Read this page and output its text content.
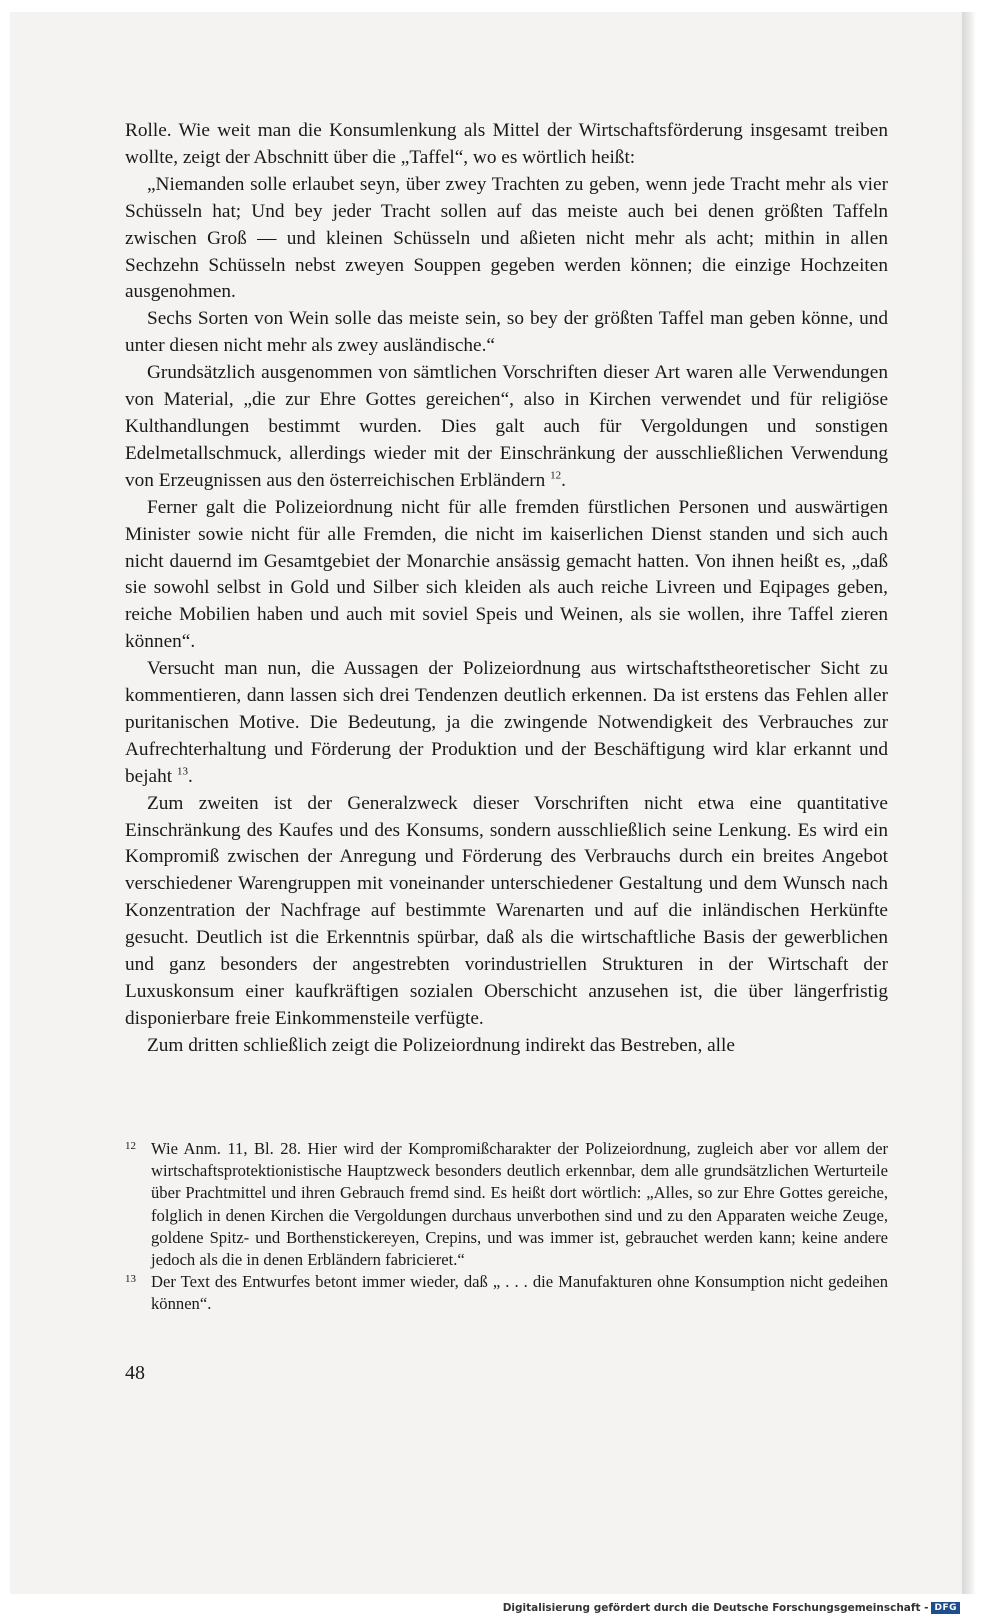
Rolle. Wie weit man die Konsumlenkung als Mittel der Wirtschaftsförderung insgesamt treiben wollte, zeigt der Abschnitt über die „Taffel“, wo es wörtlich heißt:

„Niemanden solle erlaubet seyn, über zwey Trachten zu geben, wenn jede Tracht mehr als vier Schüsseln hat; Und bey jeder Tracht sollen auf das meiste auch bei denen größten Taffeln zwischen Groß — und kleinen Schüsseln und aßieten nicht mehr als acht; mithin in allen Sechzehn Schüsseln nebst zweyen Souppen gegeben werden können; die einzige Hochzeiten ausgenohmen.

Sechs Sorten von Wein solle das meiste sein, so bey der größten Taffel man geben könne, und unter diesen nicht mehr als zwey ausländische.“

Grundsätzlich ausgenommen von sämtlichen Vorschriften dieser Art waren alle Verwendungen von Material, „die zur Ehre Gottes gereichen“, also in Kirchen verwendet und für religiöse Kulthandlungen bestimmt wurden. Dies galt auch für Vergoldungen und sonstigen Edelmetallschmuck, allerdings wieder mit der Einschränkung der ausschließlichen Verwendung von Erzeugnissen aus den österreichischen Erbländern $^{12}$.

Ferner galt die Polizeiordnung nicht für alle fremden fürstlichen Personen und auswärtigen Minister sowie nicht für alle Fremden, die nicht im kaiserlichen Dienst standen und sich auch nicht dauernd im Gesamtgebiet der Monarchie ansässig gemacht hatten. Von ihnen heißt es, „daß sie sowohl selbst in Gold und Silber sich kleiden als auch reiche Livreen und Eqipages geben, reiche Mobilien haben und auch mit soviel Speis und Weinen, als sie wollen, ihre Taffel zieren können“.

Versucht man nun, die Aussagen der Polizeiordnung aus wirtschaftstheoretischer Sicht zu kommentieren, dann lassen sich drei Tendenzen deutlich erkennen. Da ist erstens das Fehlen aller puritanischen Motive. Die Bedeutung, ja die zwingende Notwendigkeit des Verbrauches zur Aufrechterhaltung und Förderung der Produktion und der Beschäftigung wird klar erkannt und bejaht $^{13}$.

Zum zweiten ist der Generalzweck dieser Vorschriften nicht etwa eine quantitative Einschränkung des Kaufes und des Konsums, sondern ausschließlich seine Lenkung. Es wird ein Kompromiß zwischen der Anregung und Förderung des Verbrauchs durch ein breites Angebot verschiedener Warengruppen mit voneinander unterschiedener Gestaltung und dem Wunsch nach Konzentration der Nachfrage auf bestimmte Warenarten und auf die inländischen Herkünfte gesucht. Deutlich ist die Erkenntnis spürbar, daß als die wirtschaftliche Basis der gewerblichen und ganz besonders der angestrebten vorindustriellen Strukturen in der Wirtschaft der Luxuskonsum einer kaufkräftigen sozialen Oberschicht anzusehen ist, die über längerfristig disponierbare freie Einkommensteile verfügte.

Zum dritten schließlich zeigt die Polizeiordnung indirekt das Bestreben, alle

12 Wie Anm. 11, Bl. 28. Hier wird der Kompromißcharakter der Polizeiordnung, zugleich aber vor allem der wirtschaftsprotektionistische Hauptzweck besonders deutlich erkennbar, dem alle grundsätzlichen Werturteile über Prachtmittel und ihren Gebrauch fremd sind. Es heißt dort wörtlich: „Alles, so zur Ehre Gottes gereiche, folglich in denen Kirchen die Vergoldungen durchaus unverbothen sind und zu den Apparaten weiche Zeuge, goldene Spitz- und Borthenstickereyen, Crepins, und was immer ist, gebrauchet werden kann; keine andere jedoch als die in denen Erbländern fabricieret.“

13 Der Text des Entwurfes betont immer wieder, daß „ . . . die Manufakturen ohne Konsumption nicht gedeihen können“.

48
Digitalisierung gefördert durch die Deutsche Forschungsgemeinschaft - DFG
